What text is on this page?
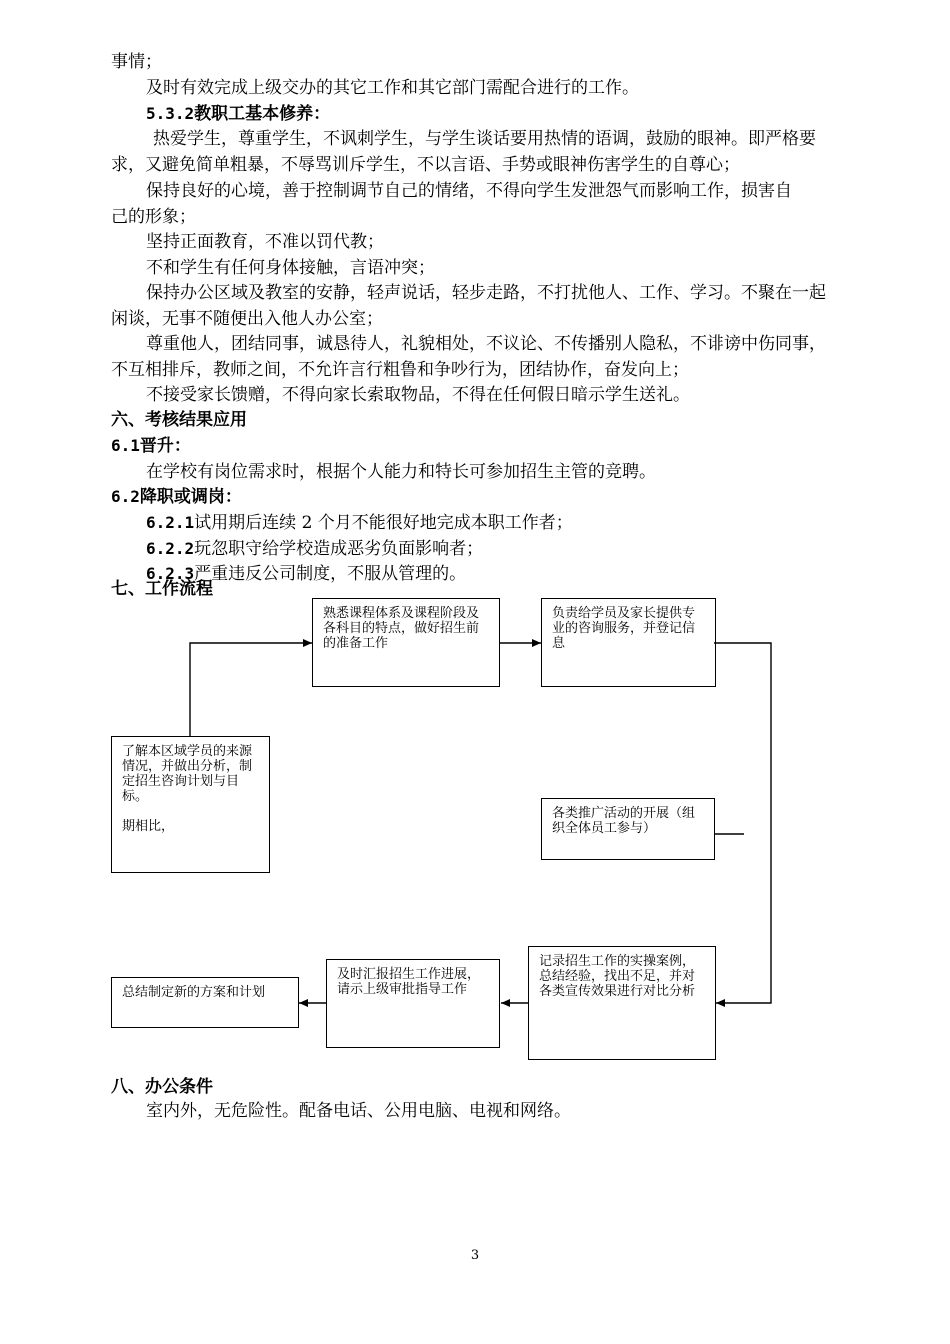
事情；
及时有效完成上级交办的其它工作和其它部门需配合进行的工作。
5.3.2教职工基本修养：
热爱学生，尊重学生，不讽刺学生，与学生谈话要用热情的语调，鼓励的眼神。即严格要
求，又避免简单粗暴，不辱骂训斥学生，不以言语、手势或眼神伤害学生的自尊心；
保持良好的心境，善于控制调节自己的情绪，不得向学生发泄怨气而影响工作，损害自
己的形象；
坚持正面教育，不准以罚代教；
不和学生有任何身体接触，言语冲突；
保持办公区域及教室的安静，轻声说话，轻步走路，不打扰他人、工作、学习。不聚在一起
闲谈，无事不随便出入他人办公室；
尊重他人，团结同事，诚恳待人，礼貌相处，不议论、不传播别人隐私，不诽谤中伤同事，
不互相排斥，教师之间，不允许言行粗鲁和争吵行为，团结协作，奋发向上；
不接受家长馈赠，不得向家长索取物品，不得在任何假日暗示学生送礼。
六、考核结果应用
6.1晋升：
在学校有岗位需求时，根据个人能力和特长可参加招生主管的竞聘。
6.2降职或调岗：
6.2.1试用期后连续 2 个月不能很好地完成本职工作者；
6.2.2玩忽职守给学校造成恶劣负面影响者；
6.2.3严重违反公司制度，不服从管理的。
七、工作流程
熟悉课程体系及课程阶段及各科目的特点，做好招生前的准备工作
负责给学员及家长提供专业的咨询服务，并登记信息
了解本区域学员的来源情况，并做出分析，制定招生咨询计划与目标。

期相比，
各类推广活动的开展（组织全体员工参与）
记录招生工作的实操案例，总结经验，找出不足，并对各类宣传效果进行对比分析
及时汇报招生工作进展，请示上级审批指导工作
总结制定新的方案和计划
八、办公条件
室内外，无危险性。配备电话、公用电脑、电视和网络。
3
